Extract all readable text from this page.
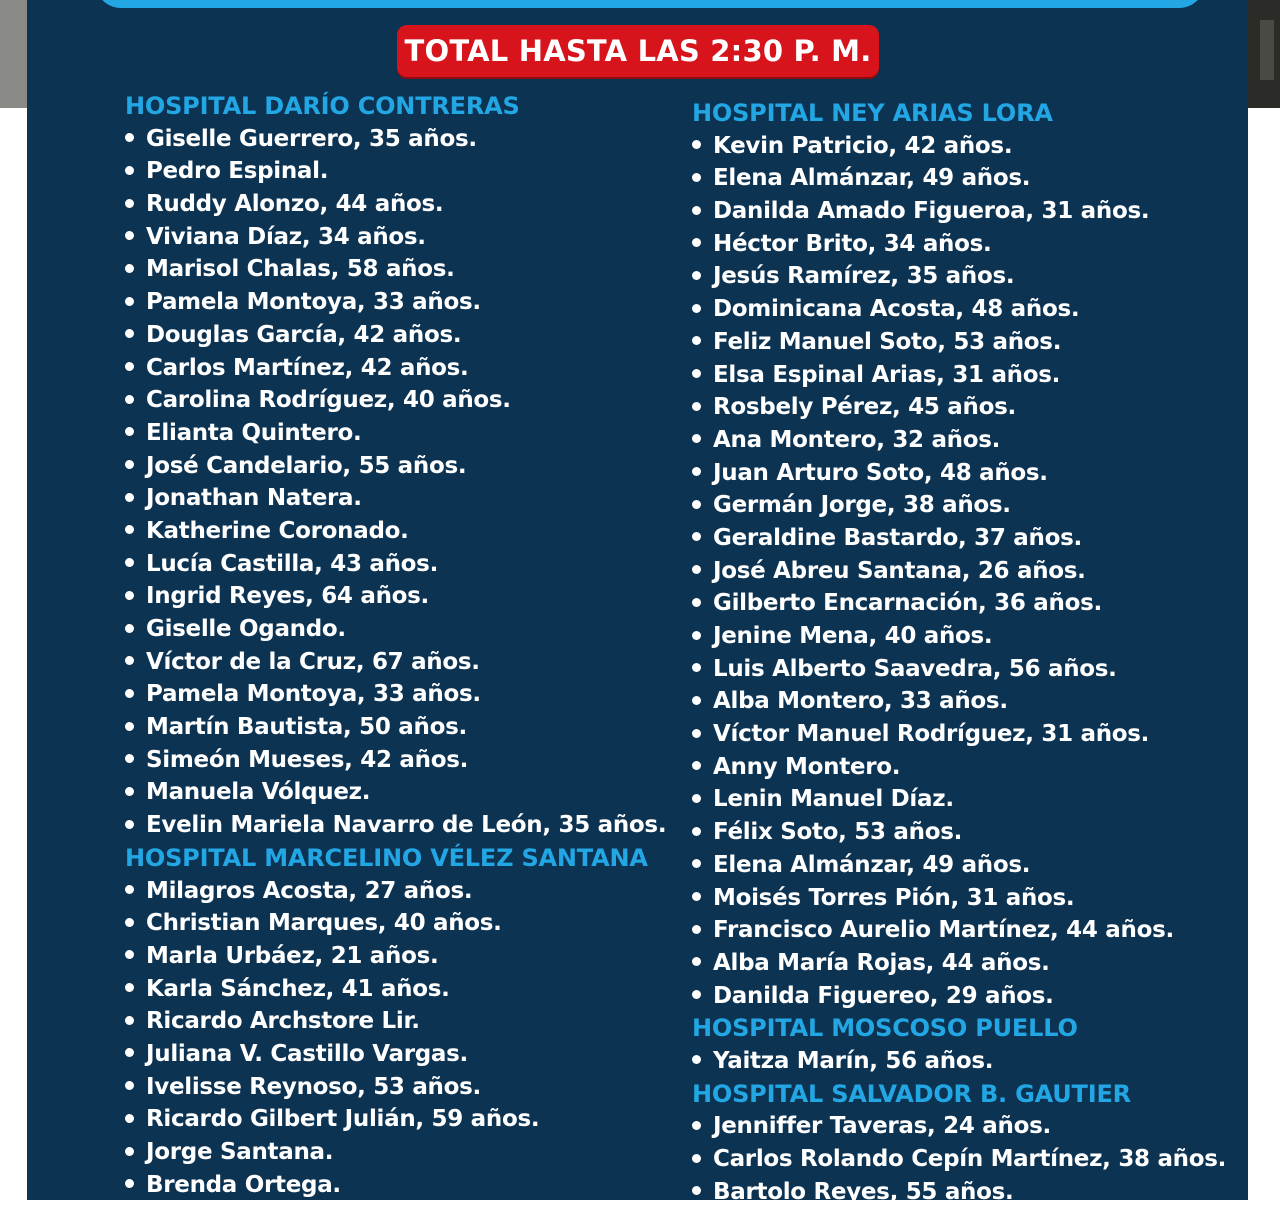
TOTAL HASTA LAS 2:30 P. M.
HOSPITAL DARÍO CONTRERAS
Giselle Guerrero, 35 años.
Pedro Espinal.
Ruddy Alonzo, 44 años.
Viviana Díaz, 34 años.
Marisol Chalas, 58 años.
Pamela Montoya, 33 años.
Douglas García, 42 años.
Carlos Martínez, 42 años.
Carolina Rodríguez, 40 años.
Elianta Quintero.
José Candelario, 55 años.
Jonathan Natera.
Katherine Coronado.
Lucía Castilla, 43 años.
Ingrid Reyes, 64 años.
Giselle Ogando.
Víctor de la Cruz, 67 años.
Pamela Montoya, 33 años.
Martín Bautista, 50 años.
Simeón Mueses, 42 años.
Manuela Vólquez.
Evelin Mariela Navarro de León, 35 años.
HOSPITAL MARCELINO VÉLEZ SANTANA
Milagros Acosta, 27 años.
Christian Marques, 40 años.
Marla Urbáez, 21 años.
Karla Sánchez, 41 años.
Ricardo Archstore Lir.
Juliana V. Castillo Vargas.
Ivelisse Reynoso, 53 años.
Ricardo Gilbert Julián, 59 años.
Jorge Santana.
Brenda Ortega.
HOSPITAL NEY ARIAS LORA
Kevin Patricio, 42 años.
Elena Almánzar, 49 años.
Danilda Amado Figueroa, 31 años.
Héctor Brito, 34 años.
Jesús Ramírez, 35 años.
Dominicana Acosta, 48 años.
Feliz Manuel Soto, 53 años.
Elsa Espinal Arias, 31 años.
Rosbely Pérez, 45 años.
Ana Montero, 32 años.
Juan Arturo Soto, 48 años.
Germán Jorge, 38 años.
Geraldine Bastardo, 37 años.
José Abreu Santana, 26 años.
Gilberto Encarnación, 36 años.
Jenine Mena, 40 años.
Luis Alberto Saavedra, 56 años.
Alba Montero, 33 años.
Víctor Manuel Rodríguez, 31 años.
Anny Montero.
Lenin Manuel Díaz.
Félix Soto, 53 años.
Elena Almánzar, 49 años.
Moisés Torres Pión, 31 años.
Francisco Aurelio Martínez, 44 años.
Alba María Rojas, 44 años.
Danilda Figuereo, 29 años.
HOSPITAL MOSCOSO PUELLO
Yaitza Marín, 56 años.
HOSPITAL SALVADOR B. GAUTIER
Jenniffer Taveras, 24 años.
Carlos Rolando Cepín Martínez, 38 años.
Bartolo Reyes, 55 años.
